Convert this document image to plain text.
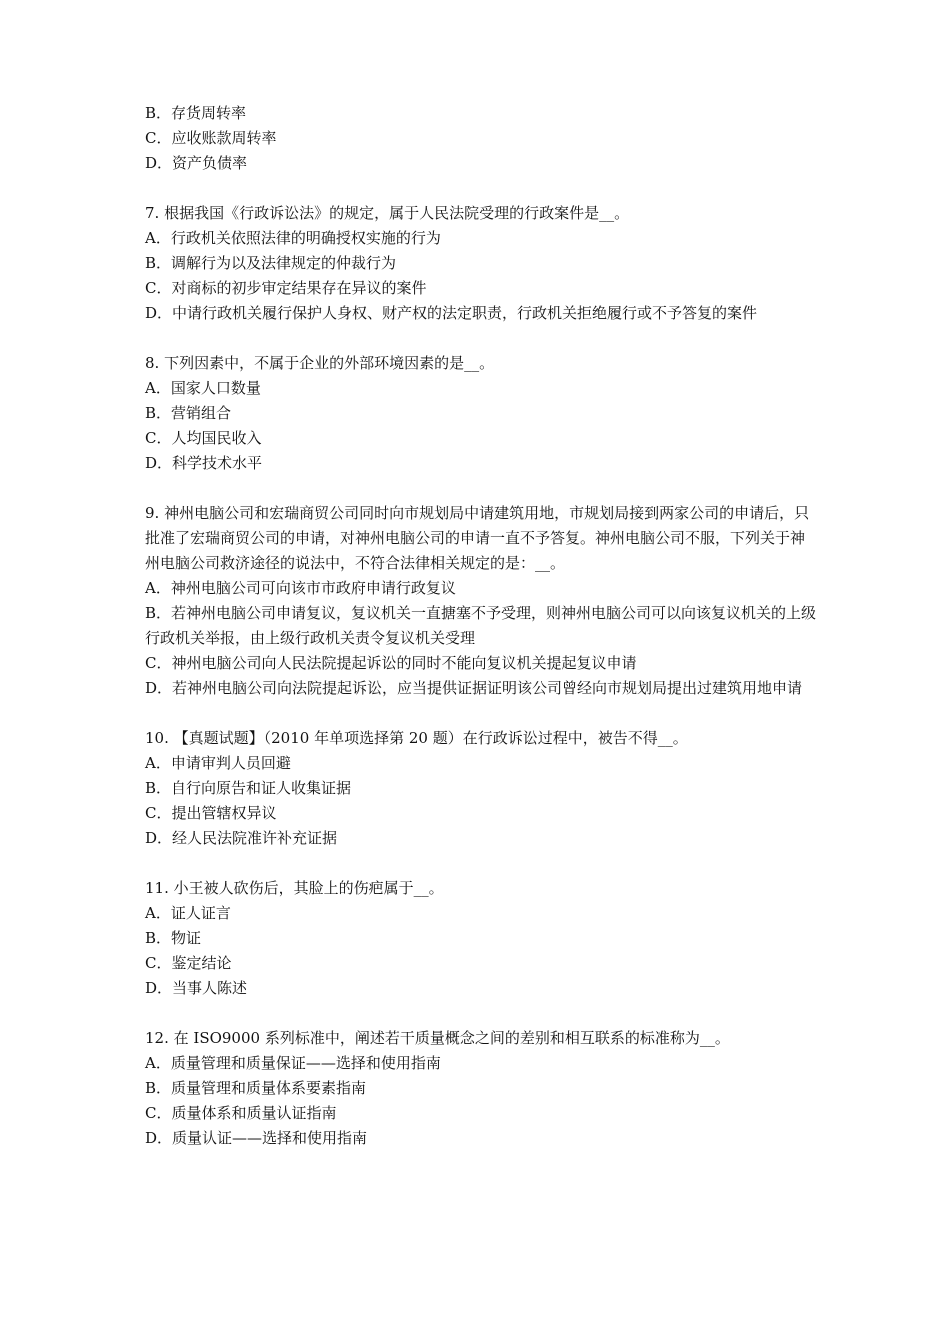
B．存货周转率
C．应收账款周转率
D．资产负债率
7. 根据我国《行政诉讼法》的规定，属于人民法院受理的行政案件是__。
A．行政机关依照法律的明确授权实施的行为
B．调解行为以及法律规定的仲裁行为
C．对商标的初步审定结果存在异议的案件
D．中请行政机关履行保护人身权、财产权的法定职责，行政机关拒绝履行或不予答复的案件
8. 下列因素中，不属于企业的外部环境因素的是__。
A．国家人口数量
B．营销组合
C．人均国民收入
D．科学技术水平
9. 神州电脑公司和宏瑞商贸公司同时向市规划局中请建筑用地，市规划局接到两家公司的申请后，只批准了宏瑞商贸公司的申请，对神州电脑公司的申请一直不予答复。神州电脑公司不服，下列关于神州电脑公司救济途径的说法中，不符合法律相关规定的是：__。
A．神州电脑公司可向该市市政府申请行政复议
B．若神州电脑公司申请复议，复议机关一直搪塞不予受理，则神州电脑公司可以向该复议机关的上级行政机关举报，由上级行政机关责令复议机关受理
C．神州电脑公司向人民法院提起诉讼的同时不能向复议机关提起复议申请
D．若神州电脑公司向法院提起诉讼，应当提供证据证明该公司曾经向市规划局提出过建筑用地申请
10. 【真题试题】（2010 年单项选择第 20 题）在行政诉讼过程中，被告不得__。
A．申请审判人员回避
B．自行向原告和证人收集证据
C．提出管辖权异议
D．经人民法院准许补充证据
11. 小王被人砍伤后，其脸上的伤疤属于__。
A．证人证言
B．物证
C．鉴定结论
D．当事人陈述
12. 在 ISO9000 系列标准中，阐述若干质量概念之间的差别和相互联系的标准称为__。
A．质量管理和质量保证——选择和使用指南
B．质量管理和质量体系要素指南
C．质量体系和质量认证指南
D．质量认证——选择和使用指南
